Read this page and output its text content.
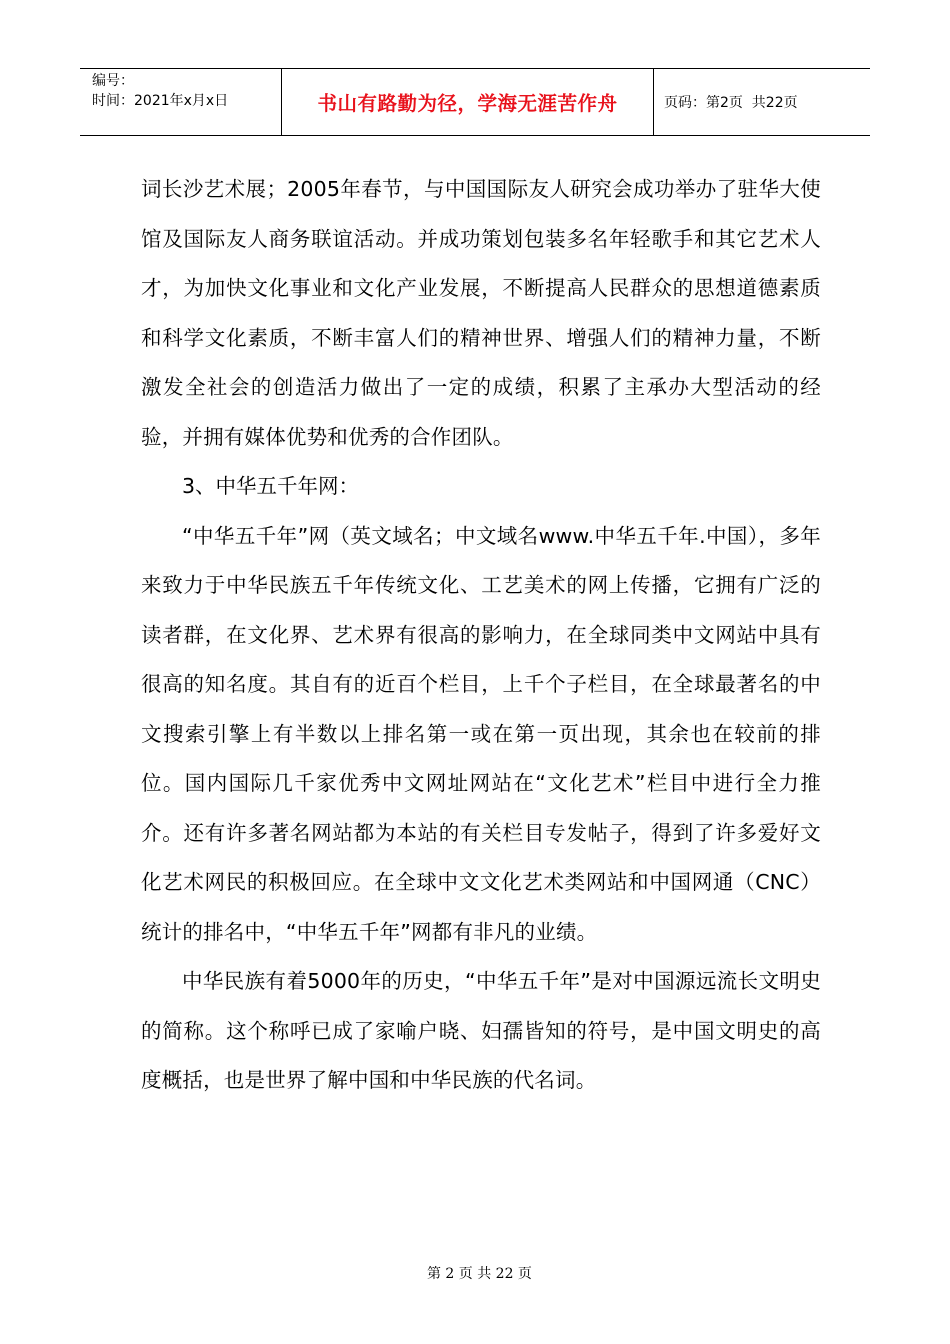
编号：
时间：2021年x月x日	书山有路勤为径，学海无涯苦作舟	页码：第2页  共22页

词长沙艺术展；2005年春节，与中国国际友人研究会成功举办了驻华大使馆及国际友人商务联谊活动。并成功策划包装多名年轻歌手和其它艺术人才，为加快文化事业和文化产业发展，不断提高人民群众的思想道德素质和科学文化素质，不断丰富人们的精神世界、增强人们的精神力量，不断激发全社会的创造活力做出了一定的成绩，积累了主承办大型活动的经验，并拥有媒体优势和优秀的合作团队。

3、中华五千年网：

“中华五千年”网（英文域名；中文域名www.中华五千年.中国），多年来致力于中华民族五千年传统文化、工艺美术的网上传播，它拥有广泛的读者群，在文化界、艺术界有很高的影响力，在全球同类中文网站中具有很高的知名度。其自有的近百个栏目，上千个子栏目，在全球最著名的中文搜索引擎上有半数以上排名第一或在第一页出现，其余也在较前的排位。国内国际几千家优秀中文网址网站在“文化艺术”栏目中进行全力推介。还有许多著名网站都为本站的有关栏目专发帖子，得到了许多爱好文化艺术网民的积极回应。在全球中文文化艺术类网站和中国网通（CNC）统计的排名中，“中华五千年”网都有非凡的业绩。

中华民族有着5000年的历史，“中华五千年”是对中国源远流长文明史的简称。这个称呼已成了家喻户晓、妇孺皆知的符号，是中国文明史的高度概括，也是世界了解中国和中华民族的代名词。

第 2 页 共 22 页
